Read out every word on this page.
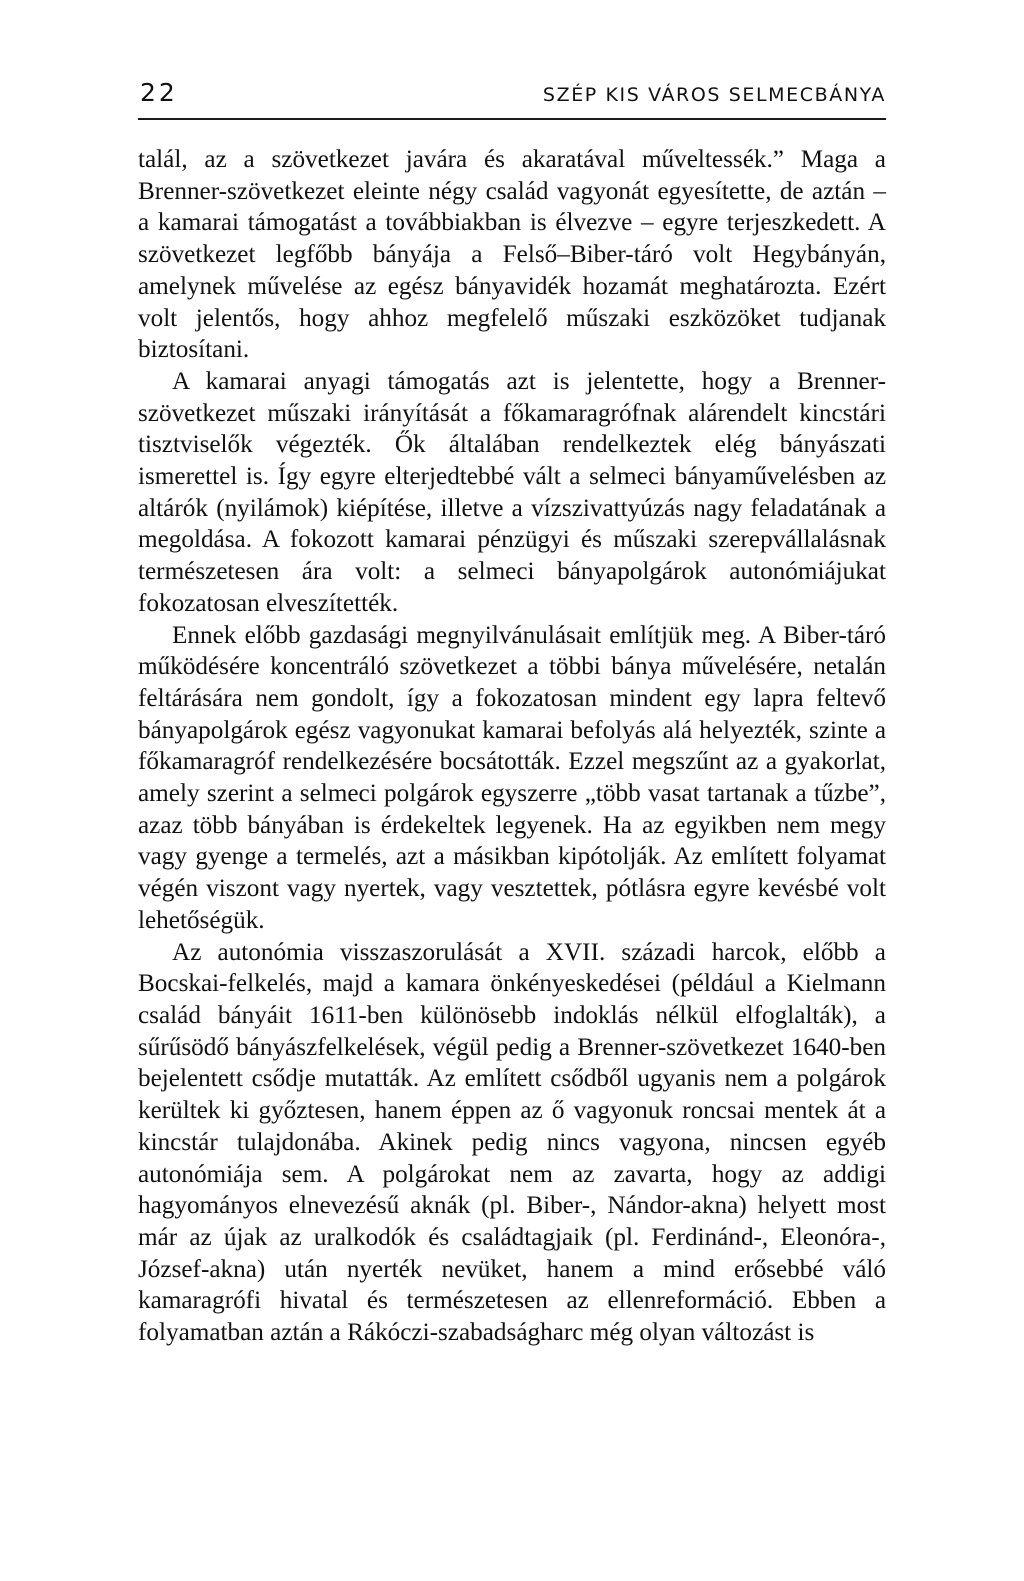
22	SZÉP KIS VÁROS SELMECBÁNYA

talál, az a szövetkezet javára és akaratával műveltessék.” Maga a Brenner-szövetkezet eleinte négy család vagyonát egyesítette, de aztán – a kamarai támogatást a továbbiakban is élvezve – egyre terjeszkedett. A szövetkezet legfőbb bányája a Felső–Biber-táró volt Hegybányán, amelynek művelése az egész bányavidék hozamát meghatározta. Ezért volt jelentős, hogy ahhoz megfelelő műszaki eszközöket tudjanak biztosítani.

A kamarai anyagi támogatás azt is jelentette, hogy a Brenner-szövetkezet műszaki irányítását a főkamaragrófnak alárendelt kincstári tisztviselők végezték. Ők általában rendelkeztek elég bányászati ismerettel is. Így egyre elterjedtebbé vált a selmeci bányaművelésben az altárók (nyilámok) kiépítése, illetve a vízszivattyúzás nagy feladatának a megoldása. A fokozott kamarai pénzügyi és műszaki szerepvállalásnak természetesen ára volt: a selmeci bányapolgárok autonómiájukat fokozatosan elveszítették.

Ennek előbb gazdasági megnyilvánulásait említjük meg. A Biber-táró működésére koncentráló szövetkezet a többi bánya művelésére, netalán feltárására nem gondolt, így a fokozatosan mindent egy lapra feltevő bányapolgárok egész vagyonukat kamarai befolyás alá helyezték, szinte a főkamaragróf rendelkezésére bocsátották. Ezzel megszűnt az a gyakorlat, amely szerint a selmeci polgárok egyszerre „több vasat tartanak a tűzbe”, azaz több bányában is érdekeltek legyenek. Ha az egyikben nem megy vagy gyenge a termelés, azt a másikban kipótolják. Az említett folyamat végén viszont vagy nyertek, vagy vesztettek, pótlásra egyre kevésbé volt lehetőségük.

Az autonómia visszaszorulását a XVII. századi harcok, előbb a Bocskai-felkelés, majd a kamara önkényeskedései (például a Kielmann család bányáit 1611-ben különösebb indoklás nélkül elfoglalták), a sűrűsödő bányászfelkelések, végül pedig a Brenner-szövetkezet 1640-ben bejelentett csődje mutatták. Az említett csődből ugyanis nem a polgárok kerültek ki győztesen, hanem éppen az ő vagyonuk roncsai mentek át a kincstár tulajdonába. Akinek pedig nincs vagyona, nincsen egyéb autonómiája sem. A polgárokat nem az zavarta, hogy az addigi hagyományos elnevezésű aknák (pl. Biber-, Nándor-akna) helyett most már az újak az uralkodók és családtagjaik (pl. Ferdinánd-, Eleonóra-, József-akna) után nyerték nevüket, hanem a mind erősebbé váló kamaragrófi hivatal és természetesen az ellenreformáció. Ebben a folyamatban aztán a Rákóczi-szabadságharc még olyan változást is
